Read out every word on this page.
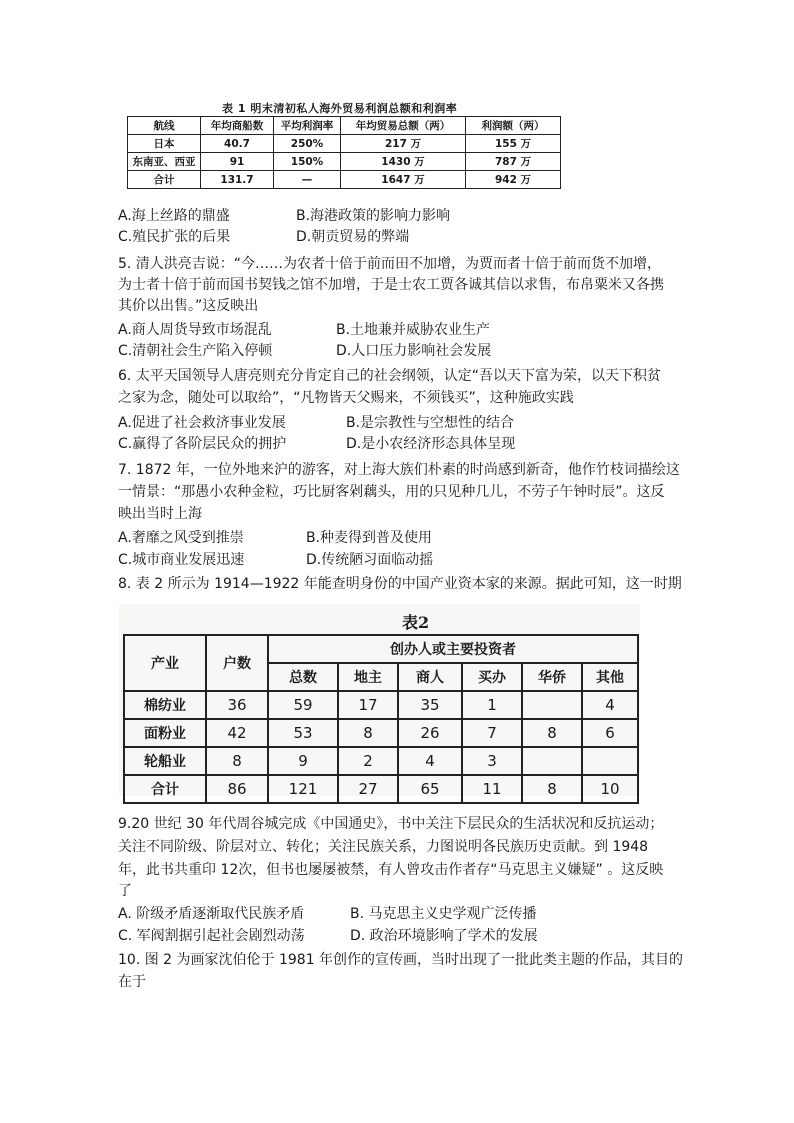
表 1 明末清初私人海外贸易利润总额和利润率
航线	年均商船数	平均利润率	年均贸易总额（两）	利润额（两）
日本	40.7	250%	217 万	155 万
东南亚、西亚	91	150%	1430 万	787 万
合计	131.7	—	1647 万	942 万
A.海上丝路的鼎盛	B.海港政策的影响力影响
C.殖民扩张的后果	D.朝贡贸易的弊端
5. 清人洪亮吉说：“今……为农者十倍于前而田不加增，为贾而者十倍于前而货不加增，
为士者十倍于前而国书契钱之馆不加增，于是士农工贾各诚其信以求售，布帛粟米又各携
其价以出售。”这反映出
A.商人周货导致市场混乱	B.土地兼并威胁农业生产
C.清朝社会生产陷入停顿	D.人口压力影响社会发展
6. 太平天国领导人唐亮则充分肯定自己的社会纲领，认定“吾以天下富为荣，以天下积贫
之家为念，随处可以取给”，“凡物皆天父赐来，不须钱买”，这种施政实践
A.促进了社会救济事业发展	B.是宗教性与空想性的结合
C.赢得了各阶层民众的拥护	D.是小农经济形态具体呈现
7. 1872 年，一位外地来沪的游客，对上海大族们朴素的时尚感到新奇，他作竹枝词描绘这
一情景：“那愚小农种金粒，巧比厨客剁藕头，用的只见种几儿，不劳子午钟时辰”。这反
映出当时上海
A.奢靡之风受到推崇	B.种麦得到普及使用
C.城市商业发展迅速	D.传统陋习面临动摇
8. 表 2 所示为 1914—1922 年能查明身份的中国产业资本家的来源。据此可知，这一时期
表2
产业	户数	创办人或主要投资者					
		总数	地主	商人	买办	华侨	其他
棉纺业	36	59	17	35	1		4
面粉业	42	53	8	26	7	8	6
轮船业	8	9	2	4	3		
合计	86	121	27	65	11	8	10
9.20 世纪 30 年代周谷城完成《中国通史》，书中关注下层民众的生活状况和反抗运动；
关注不同阶级、阶层对立、转化；关注民族关系，力图说明各民族历史贡献。到 1948
年，此书共重印 12次，但书也屡屡被禁，有人曾攻击作者存“马克思主义嫌疑” 。这反映
了
A. 阶级矛盾逐渐取代民族矛盾	B. 马克思主义史学观广泛传播
C. 军阀割据引起社会剧烈动荡	D. 政治环境影响了学术的发展
10. 图 2 为画家沈伯伦于 1981 年创作的宣传画，当时出现了一批此类主题的作品，其目的
在于
